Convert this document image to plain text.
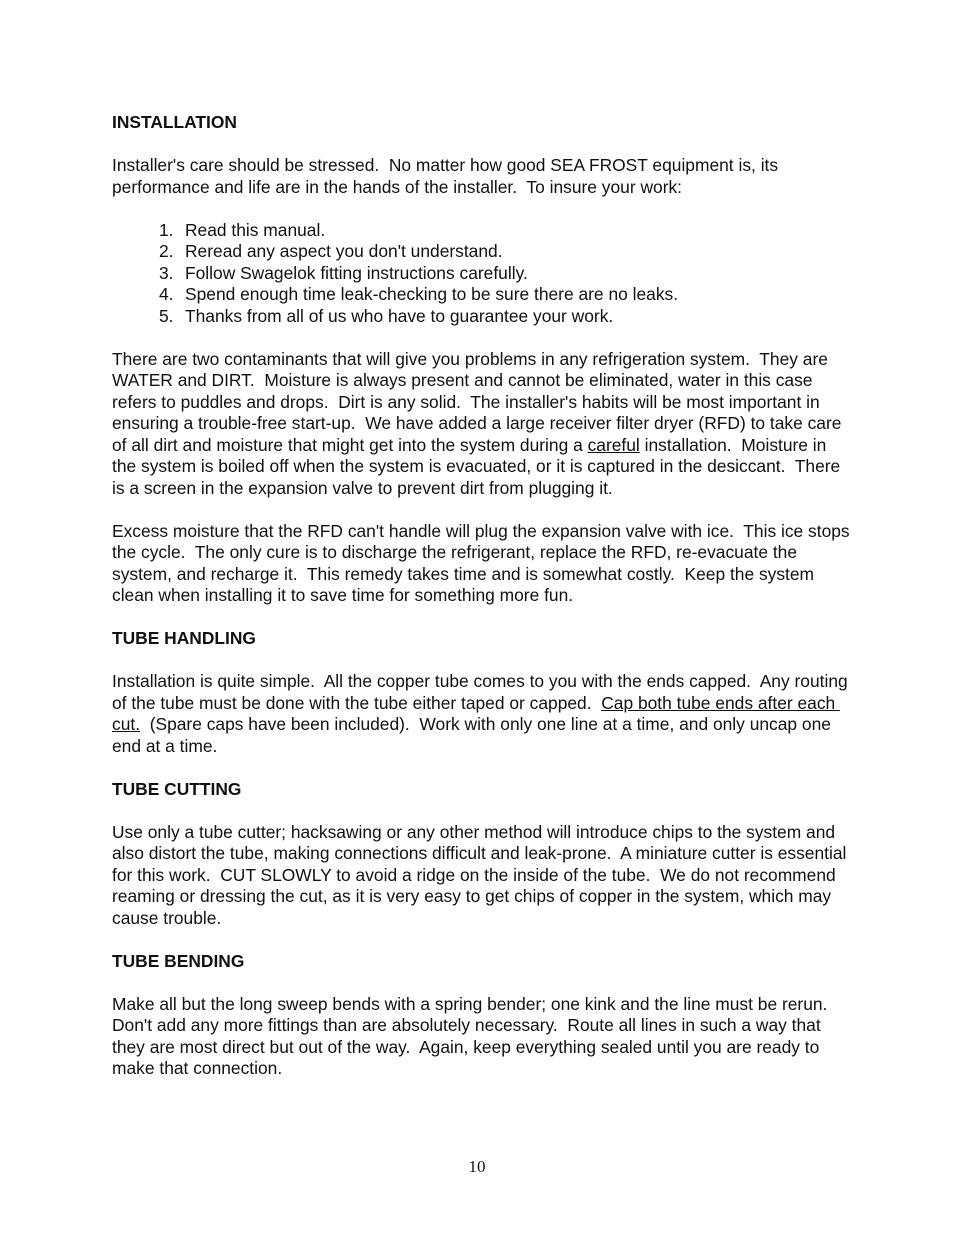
INSTALLATION

Installer's care should be stressed.  No matter how good SEA FROST equipment is, its performance and life are in the hands of the installer.  To insure your work:

1. Read this manual.
2. Reread any aspect you don't understand.
3. Follow Swagelok fitting instructions carefully.
4. Spend enough time leak-checking to be sure there are no leaks.
5. Thanks from all of us who have to guarantee your work.

There are two contaminants that will give you problems in any refrigeration system.  They are WATER and DIRT.  Moisture is always present and cannot be eliminated, water in this case refers to puddles and drops.  Dirt is any solid.  The installer's habits will be most important in ensuring a trouble-free start-up.  We have added a large receiver filter dryer (RFD) to take care of all dirt and moisture that might get into the system during a careful installation.  Moisture in the system is boiled off when the system is evacuated, or it is captured in the desiccant.  There is a screen in the expansion valve to prevent dirt from plugging it.

Excess moisture that the RFD can't handle will plug the expansion valve with ice.  This ice stops the cycle.  The only cure is to discharge the refrigerant, replace the RFD, re-evacuate the system, and recharge it.  This remedy takes time and is somewhat costly.  Keep the system clean when installing it to save time for something more fun.

TUBE HANDLING

Installation is quite simple.  All the copper tube comes to you with the ends capped.  Any routing of the tube must be done with the tube either taped or capped.  Cap both tube ends after each cut.  (Spare caps have been included).  Work with only one line at a time, and only uncap one end at a time.

TUBE CUTTING

Use only a tube cutter; hacksawing or any other method will introduce chips to the system and also distort the tube, making connections difficult and leak-prone.  A miniature cutter is essential for this work.  CUT SLOWLY to avoid a ridge on the inside of the tube.  We do not recommend reaming or dressing the cut, as it is very easy to get chips of copper in the system, which may cause trouble.

TUBE BENDING

Make all but the long sweep bends with a spring bender; one kink and the line must be rerun.  Don't add any more fittings than are absolutely necessary.  Route all lines in such a way that they are most direct but out of the way.  Again, keep everything sealed until you are ready to make that connection.

10
